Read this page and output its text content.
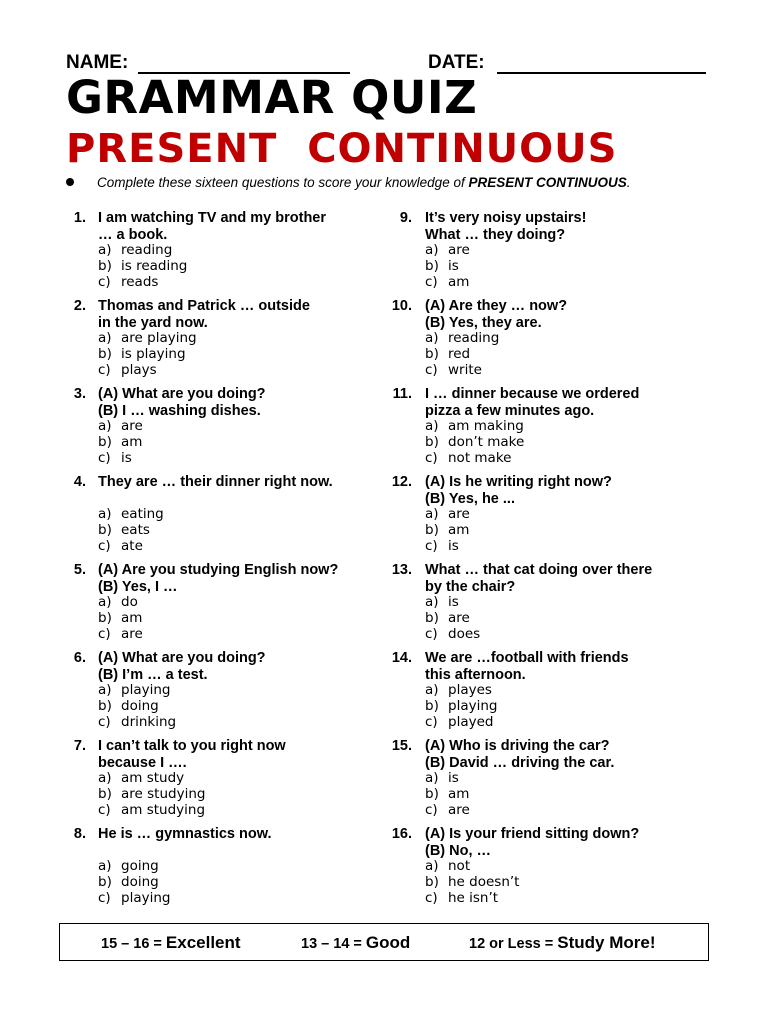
NAME:	DATE:
GRAMMAR QUIZ
PRESENT  CONTINUOUS
Complete these sixteen questions to score your knowledge of PRESENT CONTINUOUS.
1. I am watching TV and my brother
… a book.
a) reading
b) is reading
c) reads
2. Thomas and Patrick … outside
in the yard now.
a) are playing
b) is playing
c) plays
3. (A) What are you doing?
(B) I … washing dishes.
a) are
b) am
c) is
4. They are … their dinner right now.
a) eating
b) eats
c) ate
5. (A) Are you studying English now?
(B) Yes, I …
a) do
b) am
c) are
6. (A) What are you doing?
(B) I’m … a test.
a) playing
b) doing
c) drinking
7. I can’t talk to you right now
because I ….
a) am study
b) are studying
c) am studying
8. He is … gymnastics now.
a) going
b) doing
c) playing
9. It’s very noisy upstairs!
What … they doing?
a) are
b) is
c) am
10. (A) Are they … now?
(B) Yes, they are.
a) reading
b) red
c) write
11. I … dinner because we ordered
pizza a few minutes ago.
a) am making
b) don’t make
c) not make
12. (A) Is he writing right now?
(B) Yes, he ...
a) are
b) am
c) is
13. What … that cat doing over there
by the chair?
a) is
b) are
c) does
14. We are …football with friends
this afternoon.
a) playes
b) playing
c) played
15. (A) Who is driving the car?
(B) David … driving the car.
a) is
b) am
c) are
16. (A) Is your friend sitting down?
(B) No, …
a) not
b) he doesn’t
c) he isn’t
15 – 16 = Excellent	13 – 14 = Good	12 or Less = Study More!
